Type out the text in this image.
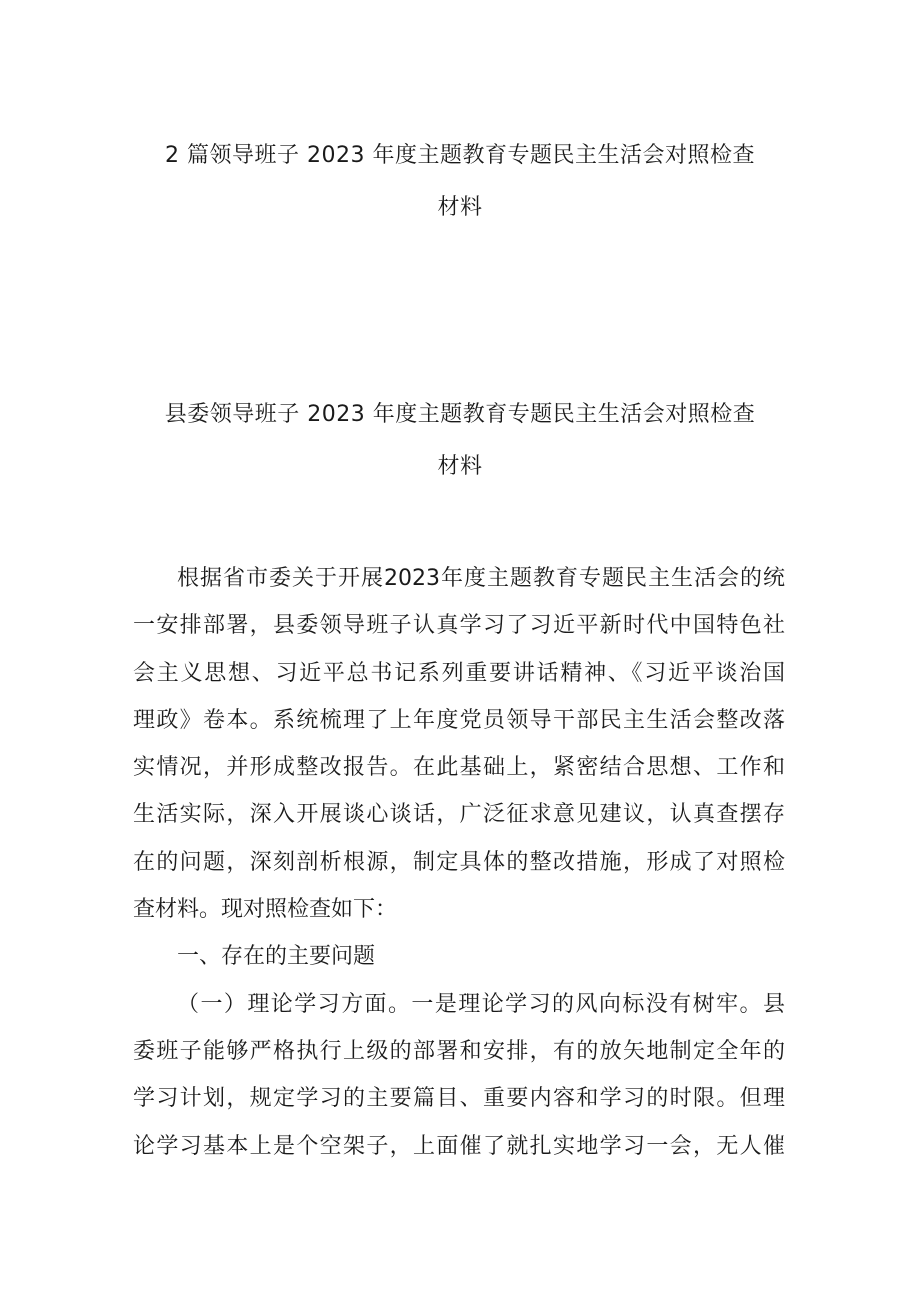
2 篇领导班子 2023 年度主题教育专题民主生活会对照检查
材料
县委领导班子 2023 年度主题教育专题民主生活会对照检查
材料
根据省市委关于开展2023年度主题教育专题民主生活会的统
一安排部署，县委领导班子认真学习了习近平新时代中国特色社
会主义思想、习近平总书记系列重要讲话精神、《习近平谈治国
理政》卷本。系统梳理了上年度党员领导干部民主生活会整改落
实情况，并形成整改报告。在此基础上，紧密结合思想、工作和
生活实际，深入开展谈心谈话，广泛征求意见建议，认真查摆存
在的问题，深刻剖析根源，制定具体的整改措施，形成了对照检
查材料。现对照检查如下：
一、存在的主要问题
（一）理论学习方面。一是理论学习的风向标没有树牢。县
委班子能够严格执行上级的部署和安排，有的放矢地制定全年的
学习计划，规定学习的主要篇目、重要内容和学习的时限。但理
论学习基本上是个空架子，上面催了就扎实地学习一会，无人催
